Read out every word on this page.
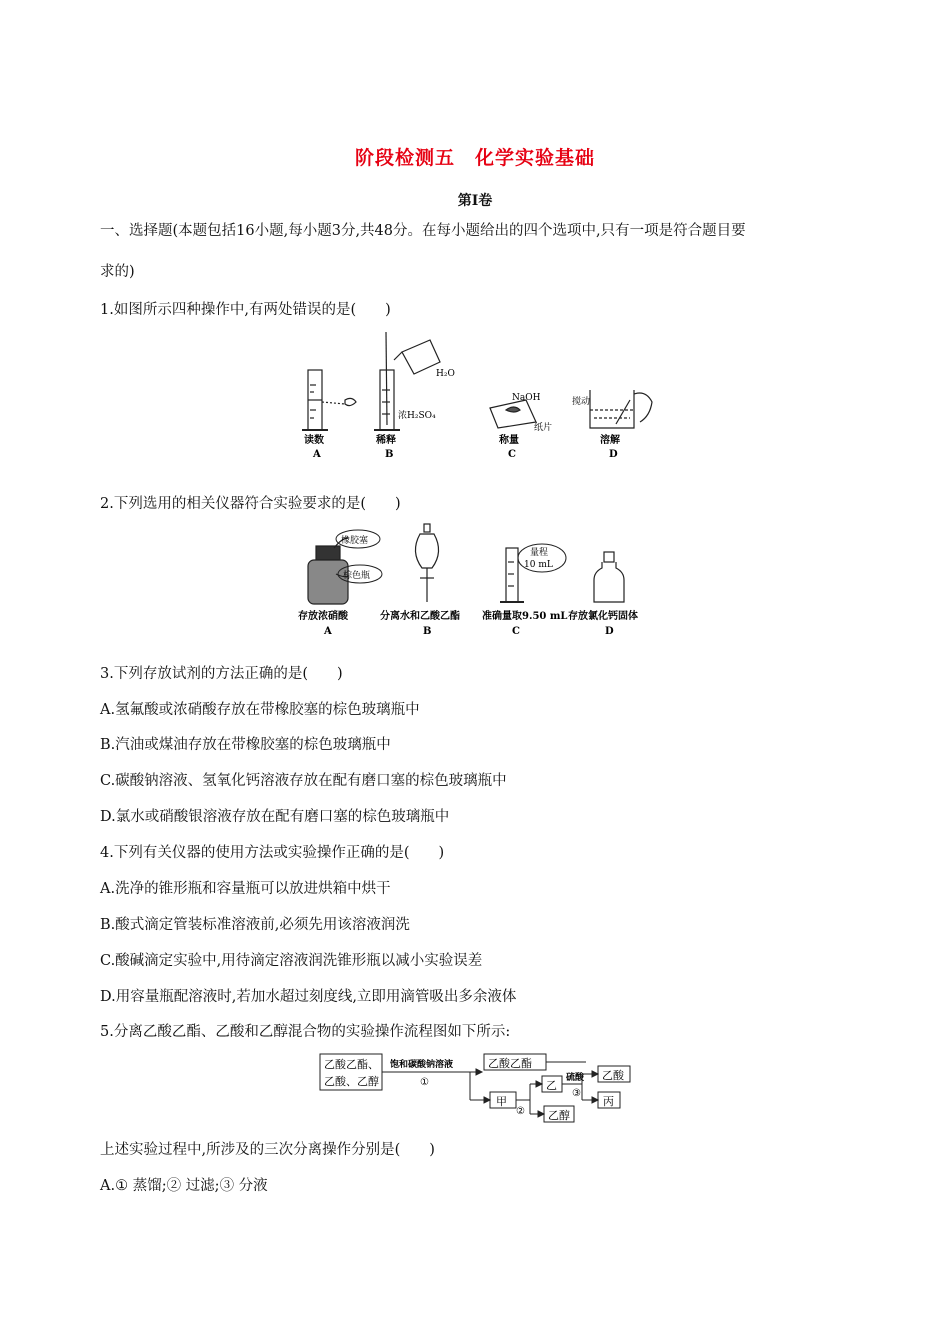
阶段检测五　化学实验基础
第Ⅰ卷
一、选择题(本题包括16小题,每小题3分,共48分。在每小题给出的四个选项中,只有一项是符合题目要
求的)
1.如图所示四种操作中,有两处错误的是(　　)
读数
A
H₂O
浓H₂SO₄
稀释
B
NaOH
纸片
称量
C
搅动
溶解
D
2.下列选用的相关仪器符合实验要求的是(　　)
橡胶塞
棕色瓶
存放浓硝酸
A
分离水和乙酸乙酯
B
量程
10 mL
准确量取9.50 mL
C
存放氯化钙固体
D
3.下列存放试剂的方法正确的是(　　)
A.氢氟酸或浓硝酸存放在带橡胶塞的棕色玻璃瓶中
B.汽油或煤油存放在带橡胶塞的棕色玻璃瓶中
C.碳酸钠溶液、氢氧化钙溶液存放在配有磨口塞的棕色玻璃瓶中
D.氯水或硝酸银溶液存放在配有磨口塞的棕色玻璃瓶中
4.下列有关仪器的使用方法或实验操作正确的是(　　)
A.洗净的锥形瓶和容量瓶可以放进烘箱中烘干
B.酸式滴定管装标准溶液前,必须先用该溶液润洗
C.酸碱滴定实验中,用待滴定溶液润洗锥形瓶以减小实验误差
D.用容量瓶配溶液时,若加水超过刻度线,立即用滴管吸出多余液体
5.分离乙酸乙酯、乙酸和乙醇混合物的实验操作流程图如下所示:
乙酸乙酯、
乙酸、乙醇
饱和碳酸钠溶液
①
乙酸乙酯
甲
②
乙
乙醇
硫酸
③
乙酸
丙
上述实验过程中,所涉及的三次分离操作分别是(　　)
A.① 蒸馏;② 过滤;③ 分液
